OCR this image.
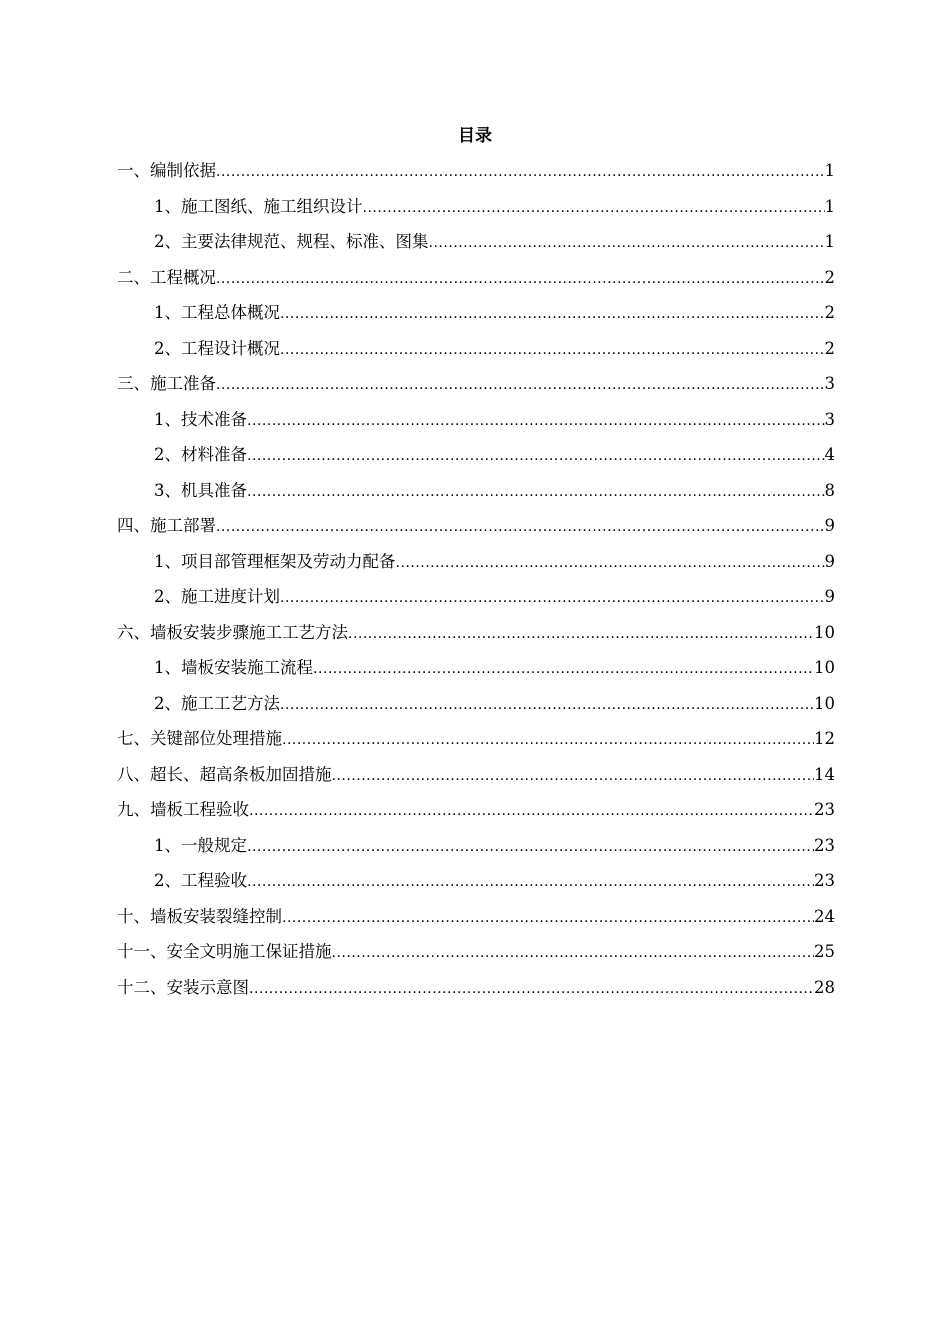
目录
一、编制依据 .....	1
1、施工图纸、施工组织设计 .....	1
2、主要法律规范、规程、标准、图集 .....	1
二、工程概况 .....	2
1、工程总体概况 .....	2
2、工程设计概况 .....	2
三、施工准备 .....	3
1、技术准备 .....	3
2、材料准备 .....	4
3、机具准备 .....	8
四、施工部署 .....	9
1、项目部管理框架及劳动力配备 .....	9
2、施工进度计划 .....	9
六、墙板安装步骤施工工艺方法 .....	10
1、墙板安装施工流程 .....	10
2、施工工艺方法 .....	10
七、关键部位处理措施 .....	12
八、超长、超高条板加固措施 .....	14
九、墙板工程验收 .....	23
1、一般规定 .....	23
2、工程验收 .....	23
十、墙板安装裂缝控制 .....	24
十一、安全文明施工保证措施 .....	25
十二、安装示意图 .....	28
